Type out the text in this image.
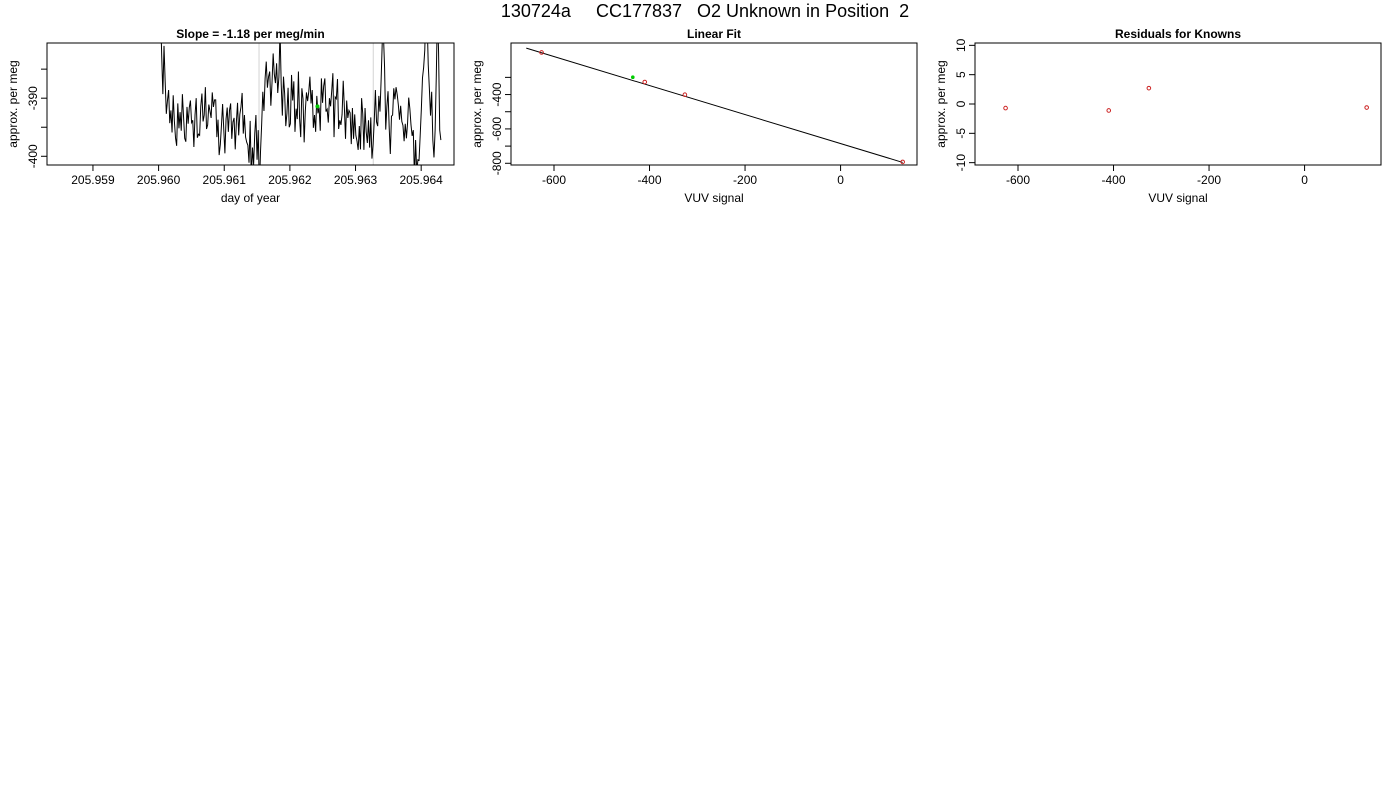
130724a     CC177837   O2 Unknown in Position  2
Slope = -1.18 per meg/min
205.959 205.960 205.961 205.962 205.963 205.964
-400
-390
day of year
approx. per meg
Linear Fit
-600	-400	-200	0
-800
-600
-400
VUV signal
approx. per meg
Residuals for Knowns
-600	-400	-200	0
-10
-5
0
5
10
VUV signal
approx. per meg
